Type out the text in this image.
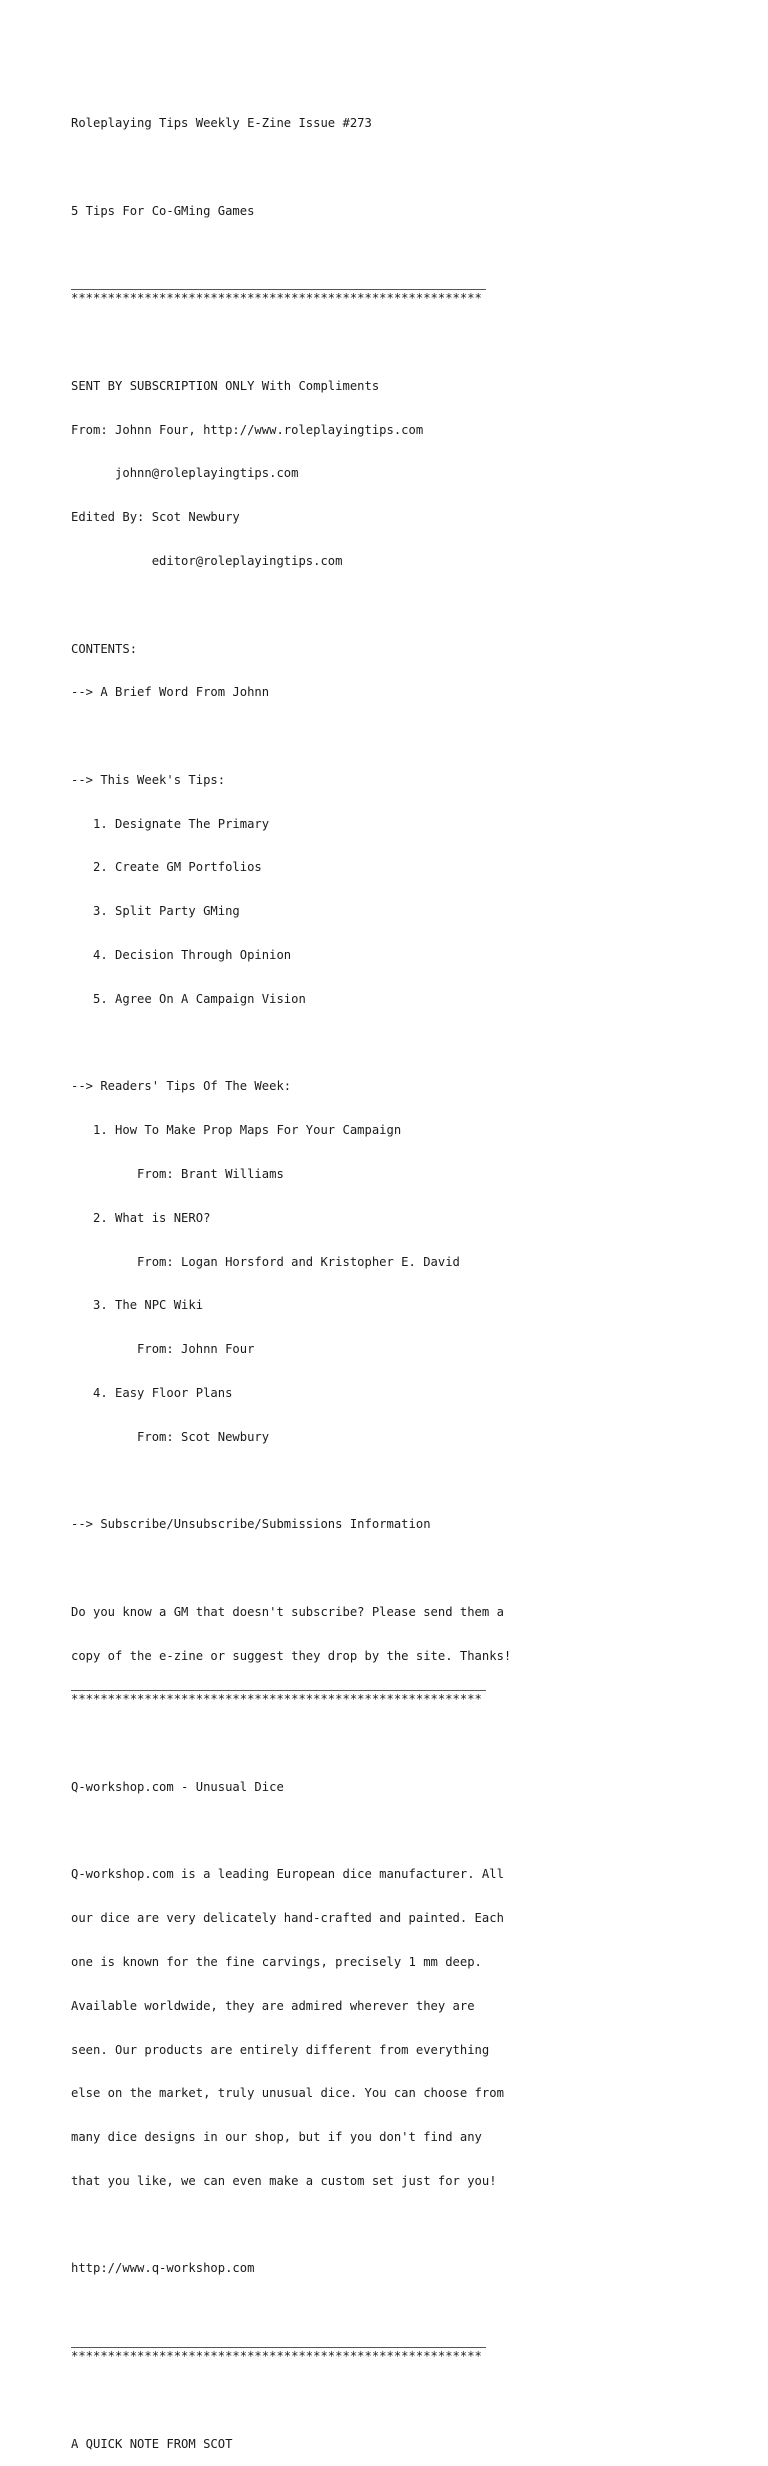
Roleplaying Tips Weekly E-Zine Issue #273

5 Tips For Co-GMing Games

********************************************************

SENT BY SUBSCRIPTION ONLY With Compliments

From: Johnn Four, http://www.roleplayingtips.com

johnn@roleplayingtips.com

Edited By: Scot Newbury

editor@roleplayingtips.com

CONTENTS:

--> A Brief Word From Johnn

--> This Week's Tips:

1. Designate The Primary

2. Create GM Portfolios

3. Split Party GMing

4. Decision Through Opinion

5. Agree On A Campaign Vision

--> Readers' Tips Of The Week:

1. How To Make Prop Maps For Your Campaign

From: Brant Williams

2. What is NERO?

From: Logan Horsford and Kristopher E. David

3. The NPC Wiki

From: Johnn Four

4. Easy Floor Plans

From: Scot Newbury

--> Subscribe/Unsubscribe/Submissions Information

Do you know a GM that doesn't subscribe? Please send them a

copy of the e-zine or suggest they drop by the site. Thanks!

********************************************************

Q-workshop.com - Unusual Dice

Q-workshop.com is a leading European dice manufacturer. All

our dice are very delicately hand-crafted and painted. Each

one is known for the fine carvings, precisely 1 mm deep.

Available worldwide, they are admired wherever they are

seen. Our products are entirely different from everything

else on the market, truly unusual dice. You can choose from

many dice designs in our shop, but if you don't find any

that you like, we can even make a custom set just for you!

http://www.q-workshop.com

********************************************************

A QUICK NOTE FROM SCOT
